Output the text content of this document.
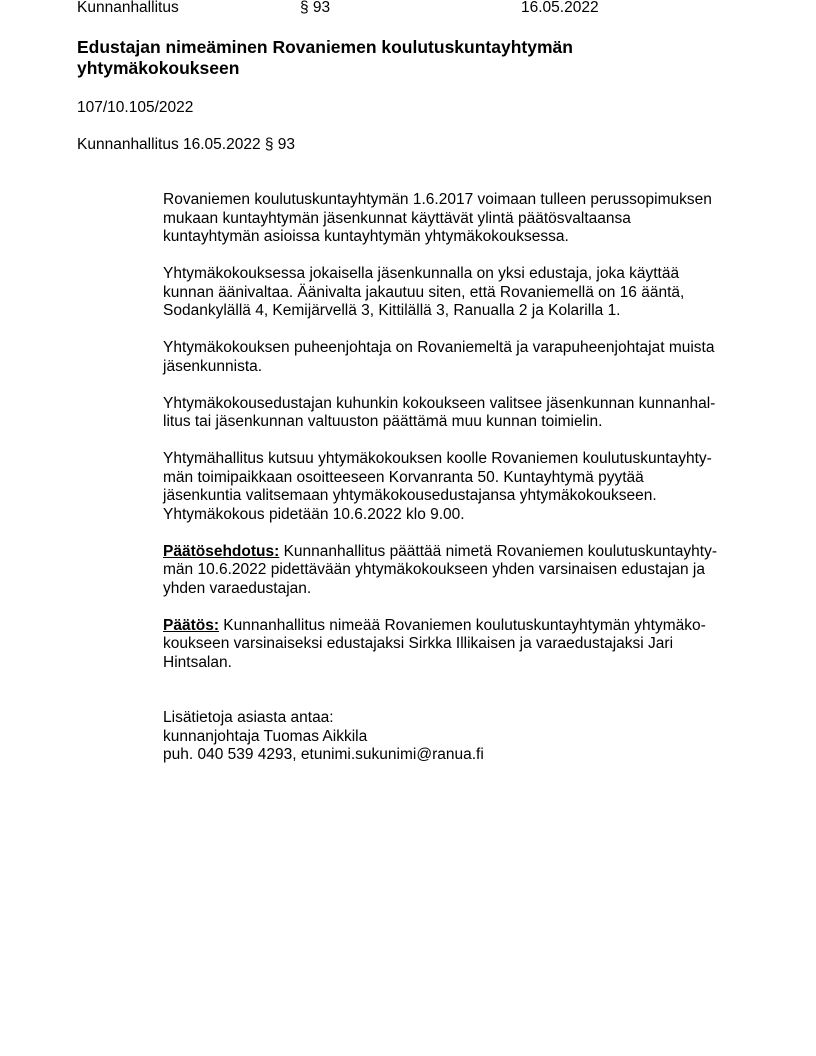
Kunnanhallitus	§ 93	16.05.2022
Edustajan nimeäminen Rovaniemen koulutuskuntayhtymän yhtymäkokoukseen
107/10.105/2022
Kunnanhallitus 16.05.2022 § 93

Rovaniemen koulutuskuntayhtymän 1.6.2017 voimaan tulleen perussopimuksen

mukaan kuntayhtymän jäsenkunnat käyttävät ylintä päätösvaltaansa

kuntayhtymän asioissa kuntayhtymän yhtymäkokouksessa.

Yhtymäkokouksessa jokaisella jäsenkunnalla on yksi edustaja, joka käyttää

kunnan äänivaltaa. Äänivalta jakautuu siten, että Rovaniemellä on 16 ääntä,

Sodankylällä 4, Kemijärvellä 3, Kittilällä 3, Ranualla 2 ja Kolarilla 1.

Yhtymäkokouksen puheenjohtaja on Rovaniemeltä ja varapuheenjohtajat muista

jäsenkunnista.

Yhtymäkokousedustajan kuhunkin kokoukseen valitsee jäsenkunnan kunnanhal-

litus tai jäsenkunnan valtuuston päättämä muu kunnan toimielin.

Yhtymähallitus kutsuu yhtymäkokouksen koolle Rovaniemen koulutuskuntayhty-

män toimipaikkaan osoitteeseen Korvanranta 50. Kuntayhtymä pyytää

jäsenkuntia valitsemaan yhtymäkokousedustajansa yhtymäkokoukseen.

Yhtymäkokous pidetään 10.6.2022 klo 9.00.

Päätösehdotus: Kunnanhallitus päättää nimetä Rovaniemen koulutuskuntayhty-

män 10.6.2022 pidettävään yhtymäkokoukseen yhden varsinaisen edustajan ja

yhden varaedustajan.

Päätös: Kunnanhallitus nimeää Rovaniemen koulutuskuntayhtymän yhtymäko-

koukseen varsinaiseksi edustajaksi Sirkka Illikaisen ja varaedustajaksi Jari

Hintsalan.

Lisätietoja asiasta antaa:
kunnanjohtaja Tuomas Aikkila
puh. 040 539 4293, etunimi.sukunimi@ranua.fi
